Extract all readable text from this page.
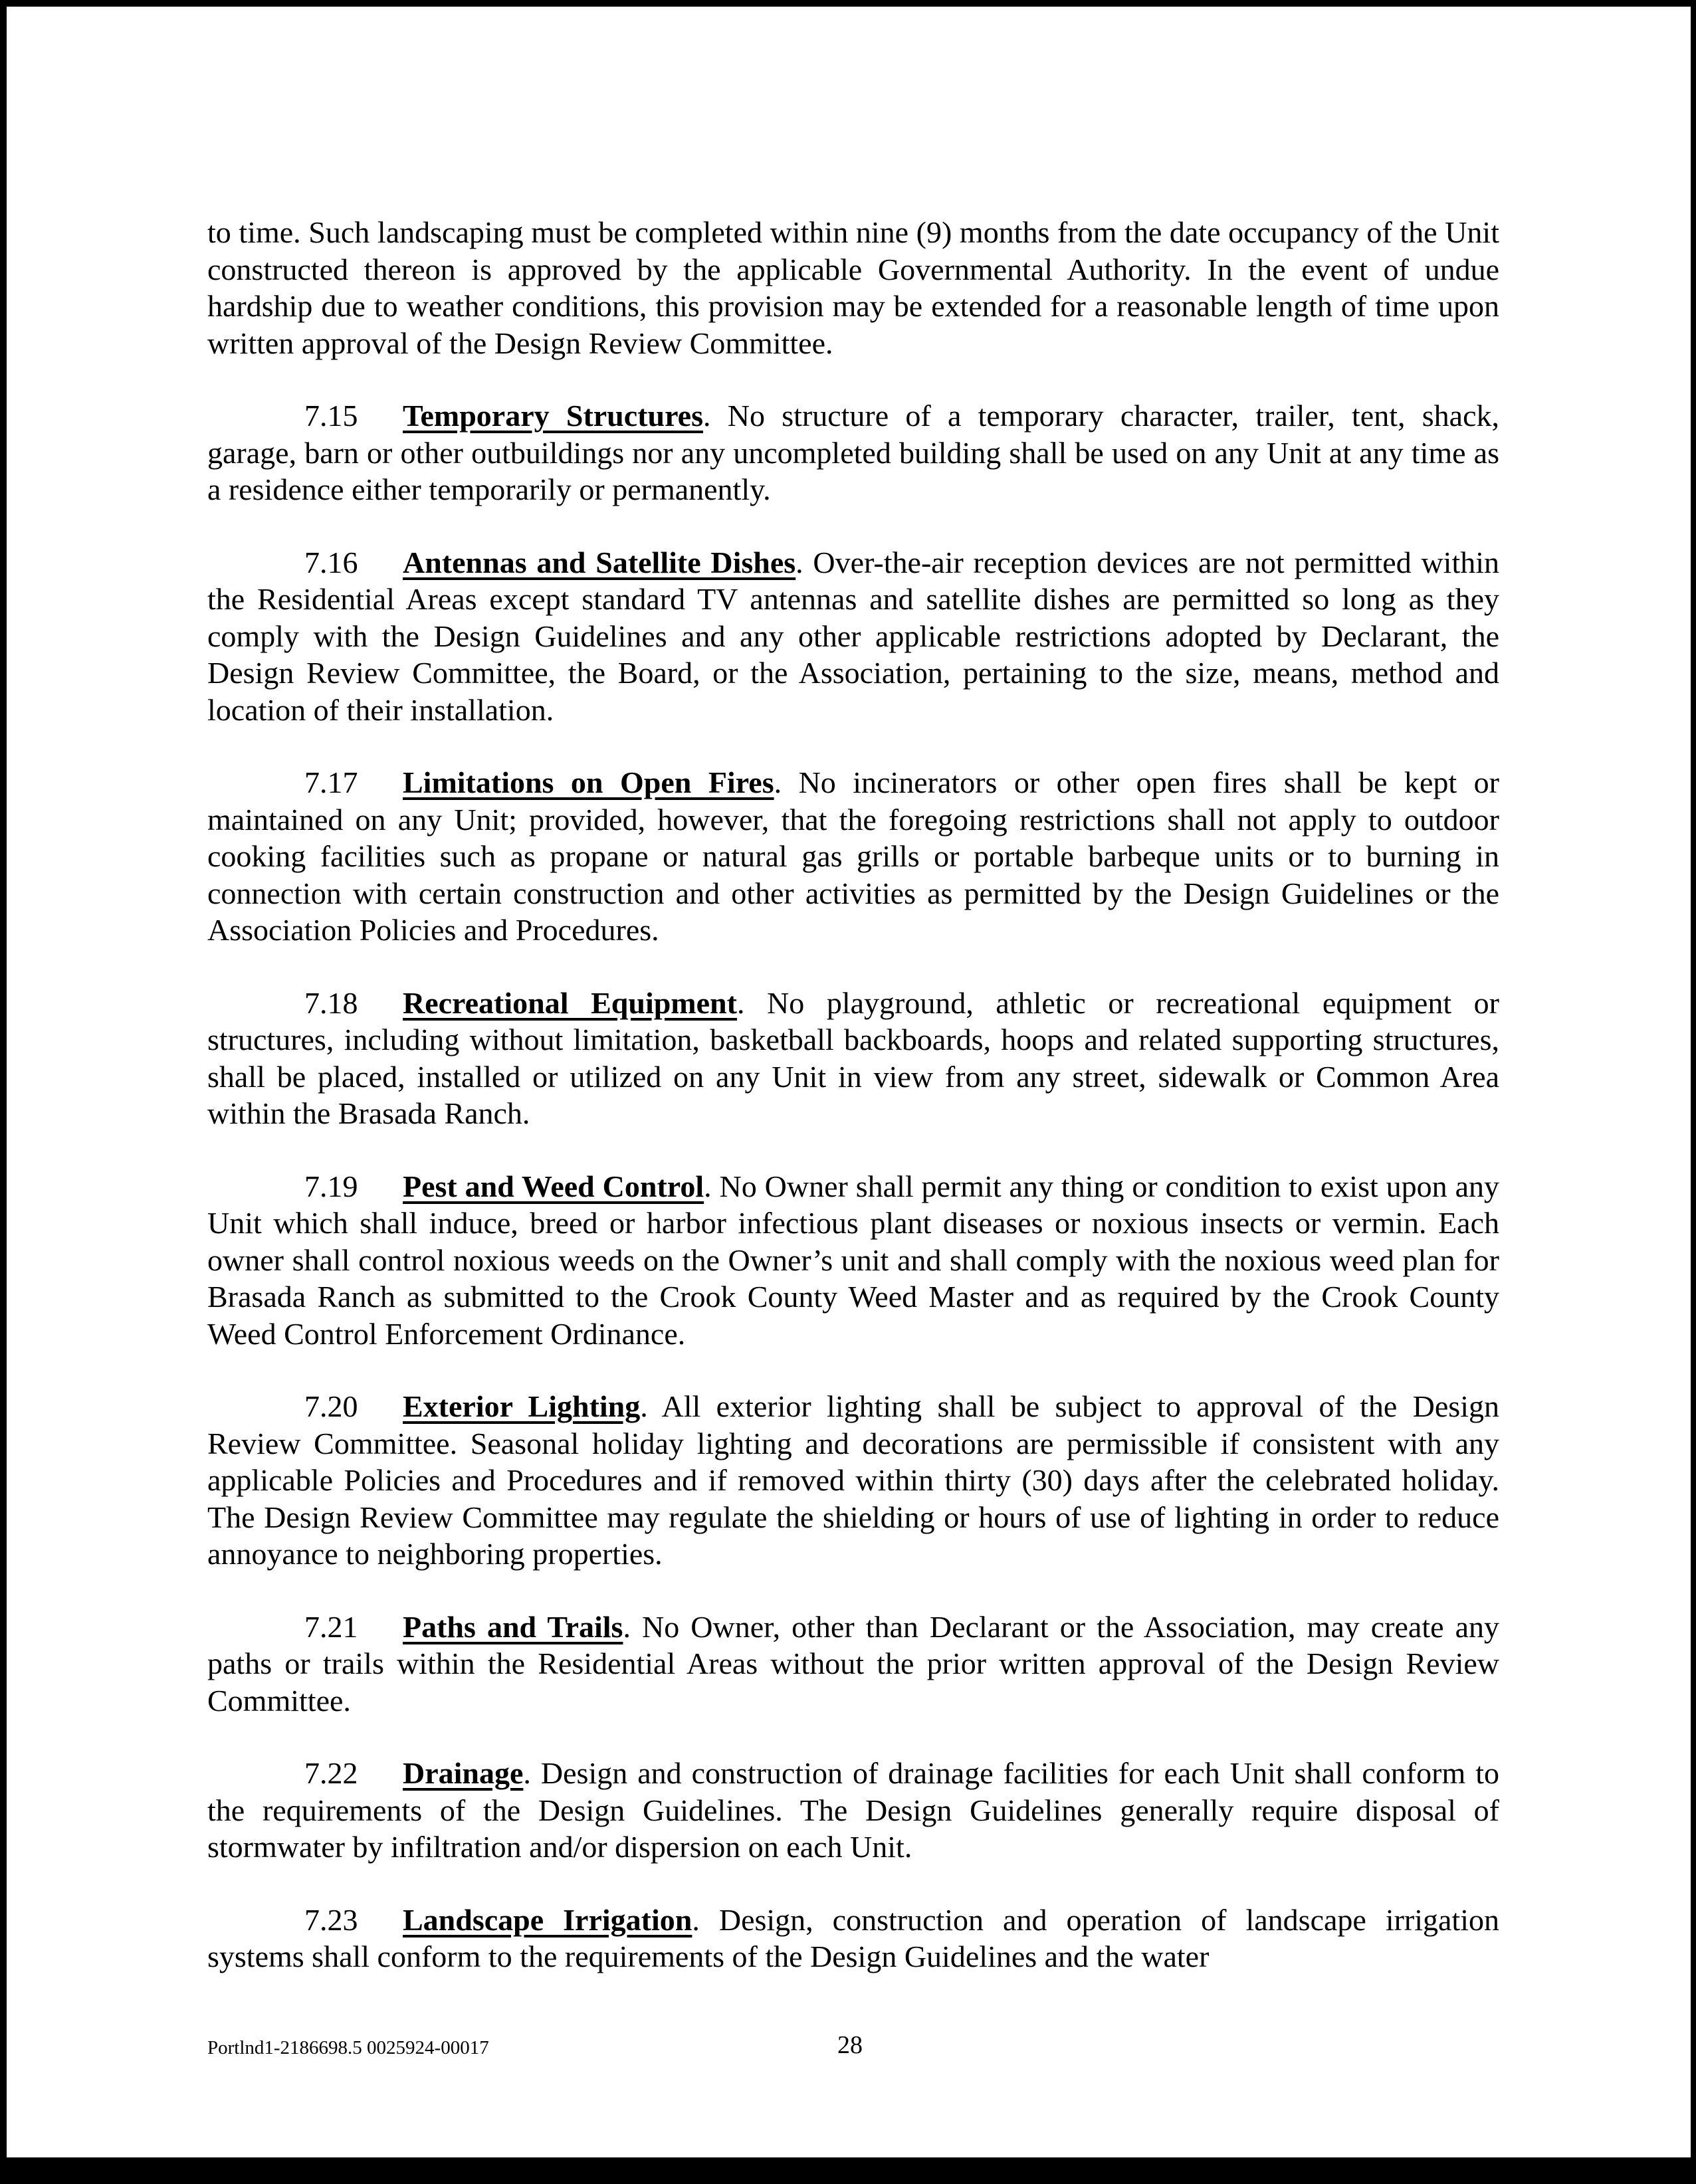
to time. Such landscaping must be completed within nine (9) months from the date occupancy of the Unit constructed thereon is approved by the applicable Governmental Authority. In the event of undue hardship due to weather conditions, this provision may be extended for a reasonable length of time upon written approval of the Design Review Committee.

7.15 Temporary Structures. No structure of a temporary character, trailer, tent, shack, garage, barn or other outbuildings nor any uncompleted building shall be used on any Unit at any time as a residence either temporarily or permanently.

7.16 Antennas and Satellite Dishes. Over-the-air reception devices are not permitted within the Residential Areas except standard TV antennas and satellite dishes are permitted so long as they comply with the Design Guidelines and any other applicable restrictions adopted by Declarant, the Design Review Committee, the Board, or the Association, pertaining to the size, means, method and location of their installation.

7.17 Limitations on Open Fires. No incinerators or other open fires shall be kept or maintained on any Unit; provided, however, that the foregoing restrictions shall not apply to outdoor cooking facilities such as propane or natural gas grills or portable barbeque units or to burning in connection with certain construction and other activities as permitted by the Design Guidelines or the Association Policies and Procedures.

7.18 Recreational Equipment. No playground, athletic or recreational equipment or structures, including without limitation, basketball backboards, hoops and related supporting structures, shall be placed, installed or utilized on any Unit in view from any street, sidewalk or Common Area within the Brasada Ranch.

7.19 Pest and Weed Control. No Owner shall permit any thing or condition to exist upon any Unit which shall induce, breed or harbor infectious plant diseases or noxious insects or vermin. Each owner shall control noxious weeds on the Owner’s unit and shall comply with the noxious weed plan for Brasada Ranch as submitted to the Crook County Weed Master and as required by the Crook County Weed Control Enforcement Ordinance.

7.20 Exterior Lighting. All exterior lighting shall be subject to approval of the Design Review Committee. Seasonal holiday lighting and decorations are permissible if consistent with any applicable Policies and Procedures and if removed within thirty (30) days after the celebrated holiday. The Design Review Committee may regulate the shielding or hours of use of lighting in order to reduce annoyance to neighboring properties.

7.21 Paths and Trails. No Owner, other than Declarant or the Association, may create any paths or trails within the Residential Areas without the prior written approval of the Design Review Committee.

7.22 Drainage. Design and construction of drainage facilities for each Unit shall conform to the requirements of the Design Guidelines. The Design Guidelines generally require disposal of stormwater by infiltration and/or dispersion on each Unit.

7.23 Landscape Irrigation. Design, construction and operation of landscape irrigation systems shall conform to the requirements of the Design Guidelines and the water

Portlnd1-2186698.5 0025924-00017	28
